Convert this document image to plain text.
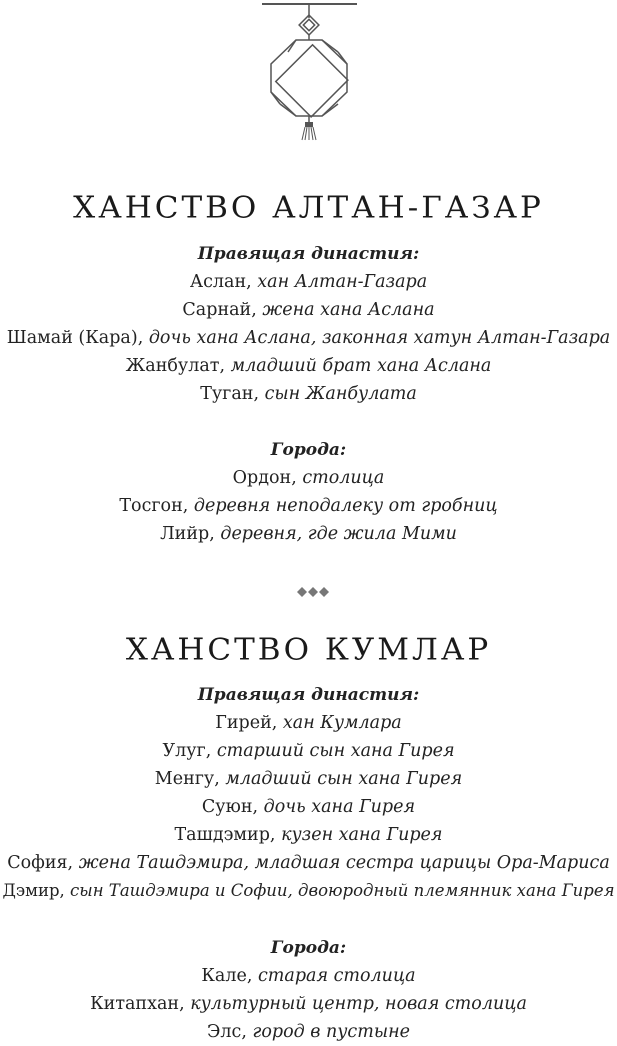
ХАНСТВО АЛТАН-ГАЗАР
Правящая династия:
Аслан, хан Алтан-Газара
Сарнай, жена хана Аслана
Шамай (Кара), дочь хана Аслана, законная хатун Алтан-Газара
Жанбулат, младший брат хана Аслана
Туган, сын Жанбулата
Города:
Ордон, столица
Тосгон, деревня неподалеку от гробниц
Лийр, деревня, где жила Мими
ХАНСТВО КУМЛАР
Правящая династия:
Гирей, хан Кумлара
Улуг, старший сын хана Гирея
Менгу, младший сын хана Гирея
Суюн, дочь хана Гирея
Ташдэмир, кузен хана Гирея
София, жена Ташдэмира, младшая сестра царицы Ора-Мариса
Дэмир, сын Ташдэмира и Софии, двоюродный племянник хана Гирея
Города:
Кале, старая столица
Китапхан, культурный центр, новая столица
Элс, город в пустыне
